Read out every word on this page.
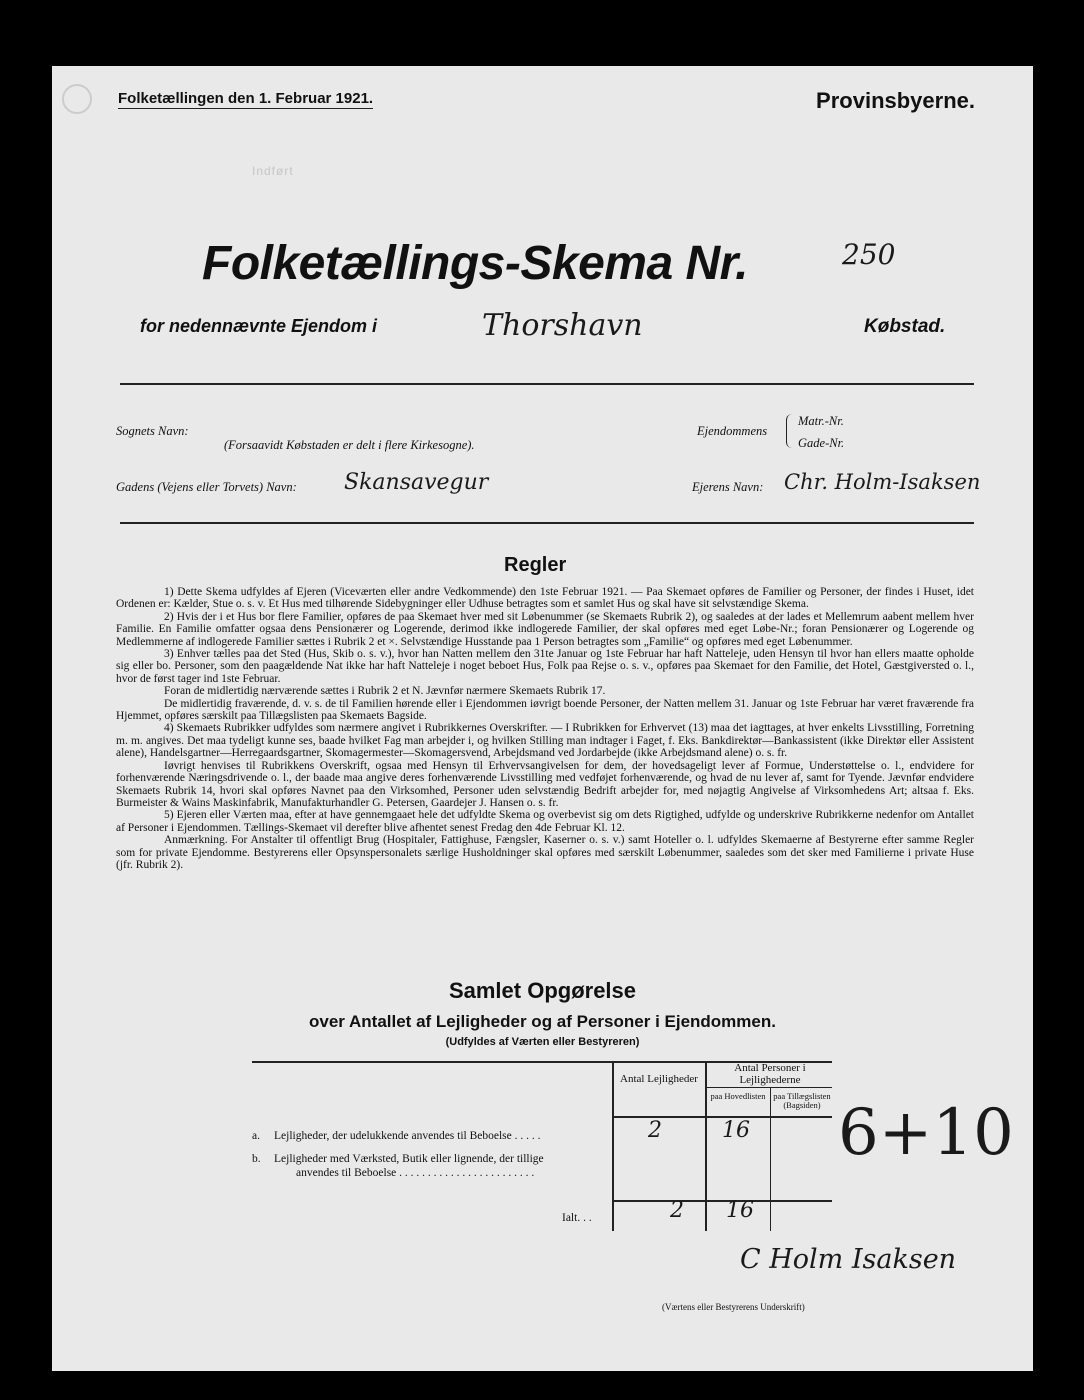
Folketællingen den 1. Februar 1921.	Provinsbyerne.
Indført
Folketællings-Skema Nr.	250
for nedennævnte Ejendom i	Thorshavn	Købstad.
Sognets Navn:
(Forsaavidt Købstaden er delt i flere Kirkesogne).
Ejendommens
Matr.-Nr.
Gade-Nr.
Gadens (Vejens eller Torvets) Navn: Skansavegur	Ejerens Navn: Chr. Holm-Isaksen
Regler

1) Dette Skema udfyldes af Ejeren (Viceværten eller andre Vedkommende) den 1ste Februar 1921. — Paa Skemaet opføres de Familier og Personer, der findes i Huset, idet Ordenen er: Kælder, Stue o. s. v. Et Hus med tilhørende Sidebygninger eller Udhuse betragtes som et samlet Hus og skal have sit selvstændige Skema.

2) Hvis der i et Hus bor flere Familier, opføres de paa Skemaet hver med sit Løbenummer (se Skemaets Rubrik 2), og saaledes at der lades et Mellemrum aabent mellem hver Familie. En Familie omfatter ogsaa dens Pensionærer og Logerende, derimod ikke indlogerede Familier, der skal opføres med eget Løbe-Nr.; foran Pensionærer og Logerende og Medlemmerne af indlogerede Familier sættes i Rubrik 2 et ×. Selvstændige Husstande paa 1 Person betragtes som „Familie“ og opføres med eget Løbenummer.

3) Enhver tælles paa det Sted (Hus, Skib o. s. v.), hvor han Natten mellem den 31te Januar og 1ste Februar har haft Natteleje, uden Hensyn til hvor han ellers maatte opholde sig eller bo. Personer, som den paagældende Nat ikke har haft Natteleje i noget beboet Hus, Folk paa Rejse o. s. v., opføres paa Skemaet for den Familie, det Hotel, Gæstgiversted o. l., hvor de først tager ind 1ste Februar.

Foran de midlertidig nærværende sættes i Rubrik 2 et N. Jævnfør nærmere Skemaets Rubrik 17.

De midlertidig fraværende, d. v. s. de til Familien hørende eller i Ejendommen iøvrigt boende Personer, der Natten mellem 31. Januar og 1ste Februar har været fraværende fra Hjemmet, opføres særskilt paa Tillægslisten paa Skemaets Bagside.

4) Skemaets Rubrikker udfyldes som nærmere angivet i Rubrikkernes Overskrifter. — I Rubrikken for Erhvervet (13) maa det iagttages, at hver enkelts Livsstilling, Forretning m. m. angives. Det maa tydeligt kunne ses, baade hvilket Fag man arbejder i, og hvilken Stilling man indtager i Faget, f. Eks. Bankdirektør—Bankassistent (ikke Direktør eller Assistent alene), Handelsgartner—Herregaardsgartner, Skomagermester—Skomagersvend, Arbejdsmand ved Jordarbejde (ikke Arbejdsmand alene) o. s. fr.

Iøvrigt henvises til Rubrikkens Overskrift, ogsaa med Hensyn til Erhvervsangivelsen for dem, der hovedsageligt lever af Formue, Understøttelse o. l., endvidere for forhenværende Næringsdrivende o. l., der baade maa angive deres forhenværende Livsstilling med vedføjet forhenværende, og hvad de nu lever af, samt for Tyende. Jævnfør endvidere Skemaets Rubrik 14, hvori skal opføres Navnet paa den Virksomhed, Personer uden selvstændig Bedrift arbejder for, med nøjagtig Angivelse af Virksomhedens Art; altsaa f. Eks. Burmeister & Wains Maskinfabrik, Manufakturhandler G. Petersen, Gaardejer J. Hansen o. s. fr.

5) Ejeren eller Værten maa, efter at have gennemgaaet hele det udfyldte Skema og overbevist sig om dets Rigtighed, udfylde og underskrive Rubrikkerne nedenfor om Antallet af Personer i Ejendommen. Tællings-Skemaet vil derefter blive afhentet senest Fredag den 4de Februar Kl. 12.

Anmærkning. For Anstalter til offentligt Brug (Hospitaler, Fattighuse, Fængsler, Kaserner o. s. v.) samt Hoteller o. l. udfyldes Skemaerne af Bestyrerne efter samme Regler som for private Ejendomme. Bestyrerens eller Opsynspersonalets særlige Husholdninger skal opføres med særskilt Løbenummer, saaledes som det sker med Familierne i private Huse (jfr. Rubrik 2).

Samlet Opgørelse
over Antallet af Lejligheder og af Personer i Ejendommen.
(Udfyldes af Værten eller Bestyreren)
Antal Lejligheder
Antal Personer i Lejlighederne
paa Hovedlisten paa Tillægslisten (Bagsiden)
a. Lejligheder, der udelukkende anvendes til Beboelse . . . . .	2	16
b. Lejligheder med Værksted, Butik eller lignende, der tillige
anvendes til Beboelse . . . . . . . . . . . . . . . . . . . . . . . .
Ialt. . .	2 16
6+10
C Holm Isaksen
(Værtens eller Bestyrerens Underskrift)
